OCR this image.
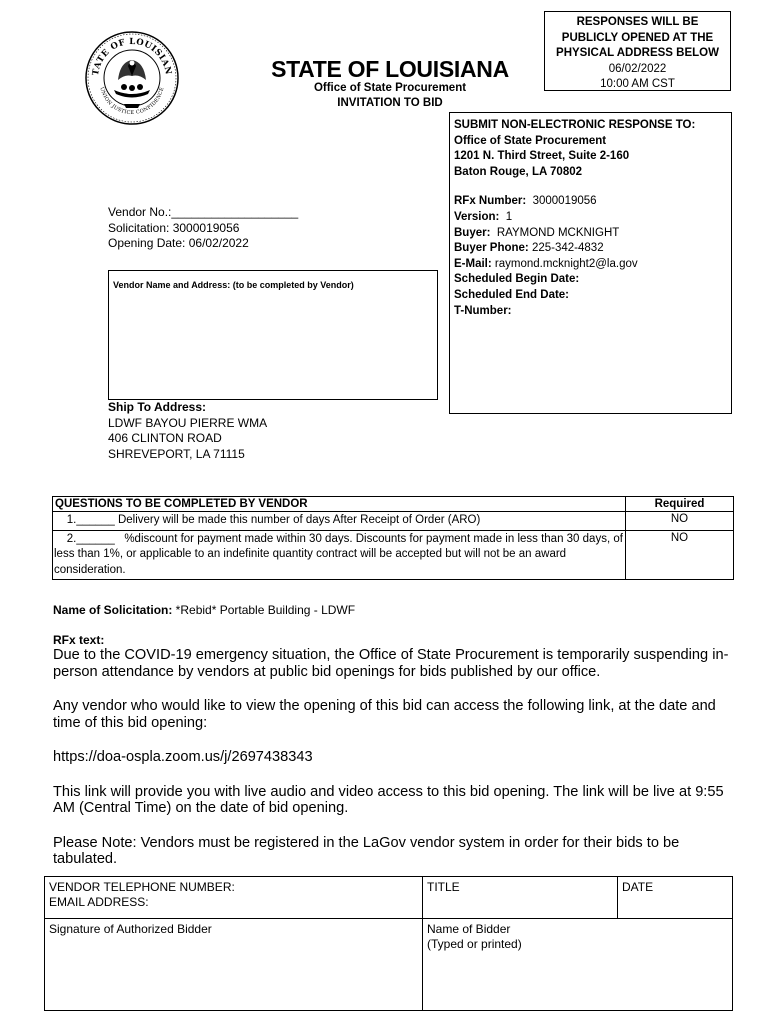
TATE OF LOUISIAN
UNION JUSTICE CONFIDENCE
STATE OF LOUISIANA
Office of State Procurement
INVITATION TO BID
RESPONSES WILL BE
PUBLICLY OPENED AT THE
PHYSICAL ADDRESS BELOW
06/02/2022
10:00 AM CST
SUBMIT NON-ELECTRONIC RESPONSE TO:
Office of State Procurement
1201 N. Third Street, Suite 2-160
Baton Rouge, LA 70802
RFx Number: 3000019056
Version: 1
Buyer: RAYMOND MCKNIGHT
Buyer Phone: 225-342-4832
E-Mail: raymond.mcknight2@la.gov
Scheduled Begin Date:
Scheduled End Date:
T-Number:
Vendor No.:___________________
Solicitation: 3000019056
Opening Date: 06/02/2022
Vendor Name and Address: (to be completed by Vendor)
Ship To Address:
LDWF BAYOU PIERRE WMA
406 CLINTON ROAD
SHREVEPORT, LA 71115
QUESTIONS TO BE COMPLETED BY VENDOR	Required
1.______ Delivery will be made this number of days After Receipt of Order (ARO)	NO
2.______   %discount for payment made within 30 days. Discounts for payment made in less than 30 days, of less than 1%, or applicable to an indefinite quantity contract will be accepted but will not be an award consideration.	NO
Name of Solicitation: *Rebid* Portable Building - LDWF
RFx text:

Due to the COVID-19 emergency situation, the Office of State Procurement is temporarily suspending in-person attendance by vendors at public bid openings for bids published by our office.

Any vendor who would like to view the opening of this bid can access the following link, at the date and time of this bid opening:

https://doa-ospla.zoom.us/j/2697438343

This link will provide you with live audio and video access to this bid opening. The link will be live at 9:55 AM (Central Time) on the date of bid opening.

Please Note: Vendors must be registered in the LaGov vendor system in order for their bids to be tabulated.

VENDOR TELEPHONE NUMBER:
EMAIL ADDRESS:	TITLE	DATE
Signature of Authorized Bidder	Name of Bidder
(Typed or printed)	
